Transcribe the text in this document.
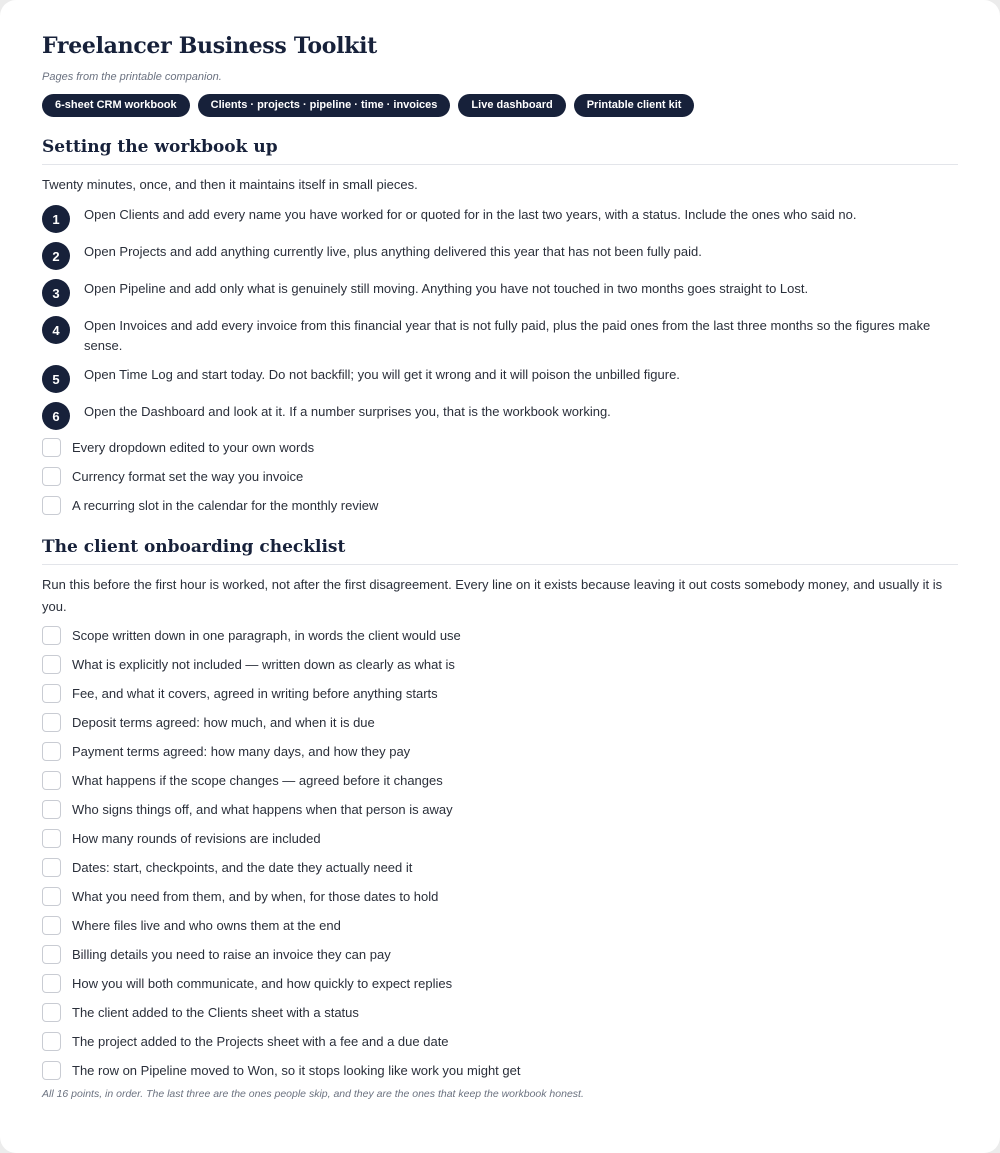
Freelancer Business Toolkit
Pages from the printable companion.
6-sheet CRM workbook	Clients · projects · pipeline · time · invoices	Live dashboard	Printable client kit
Setting the workbook up

Twenty minutes, once, and then it maintains itself in small pieces.

1	Open Clients and add every name you have worked for or quoted for in the last two years, with a status. Include the ones who said no.
2	Open Projects and add anything currently live, plus anything delivered this year that has not been fully paid.
3	Open Pipeline and add only what is genuinely still moving. Anything you have not touched in two months goes straight to Lost.
4	Open Invoices and add every invoice from this financial year that is not fully paid, plus the paid ones from the last three months so the figures make sense.
5	Open Time Log and start today. Do not backfill; you will get it wrong and it will poison the unbilled figure.
6	Open the Dashboard and look at it. If a number surprises you, that is the workbook working.
Every dropdown edited to your own words
Currency format set the way you invoice
A recurring slot in the calendar for the monthly review
The client onboarding checklist

Run this before the first hour is worked, not after the first disagreement. Every line on it exists because leaving it out costs somebody money, and usually it is you.

Scope written down in one paragraph, in words the client would use
What is explicitly not included — written down as clearly as what is
Fee, and what it covers, agreed in writing before anything starts
Deposit terms agreed: how much, and when it is due
Payment terms agreed: how many days, and how they pay
What happens if the scope changes — agreed before it changes
Who signs things off, and what happens when that person is away
How many rounds of revisions are included
Dates: start, checkpoints, and the date they actually need it
What you need from them, and by when, for those dates to hold
Where files live and who owns them at the end
Billing details you need to raise an invoice they can pay
How you will both communicate, and how quickly to expect replies
The client added to the Clients sheet with a status
The project added to the Projects sheet with a fee and a due date
The row on Pipeline moved to Won, so it stops looking like work you might get

All 16 points, in order. The last three are the ones people skip, and they are the ones that keep the workbook honest.
